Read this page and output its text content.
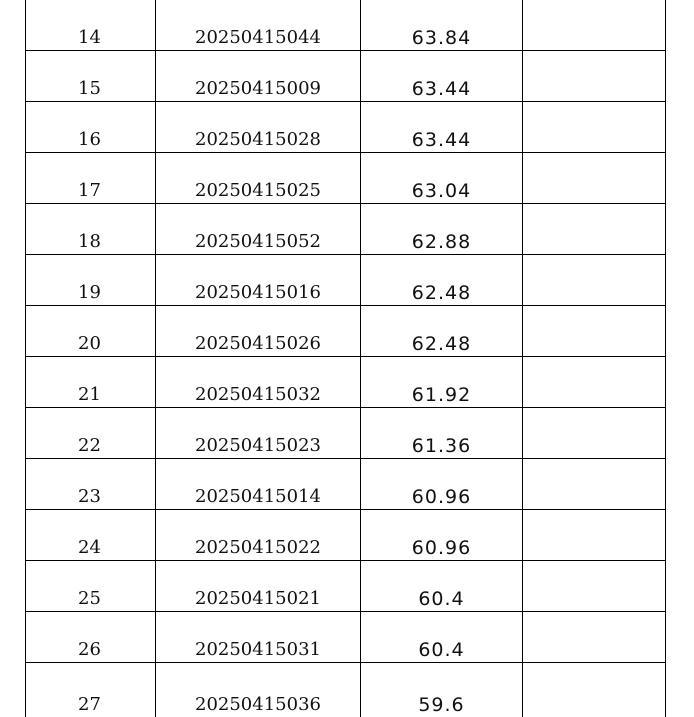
14	20250415044	63.84	
15	20250415009	63.44	
16	20250415028	63.44	
17	20250415025	63.04	
18	20250415052	62.88	
19	20250415016	62.48	
20	20250415026	62.48	
21	20250415032	61.92	
22	20250415023	61.36	
23	20250415014	60.96	
24	20250415022	60.96	
25	20250415021	60.4	
26	20250415031	60.4	
27	20250415036	59.6	
